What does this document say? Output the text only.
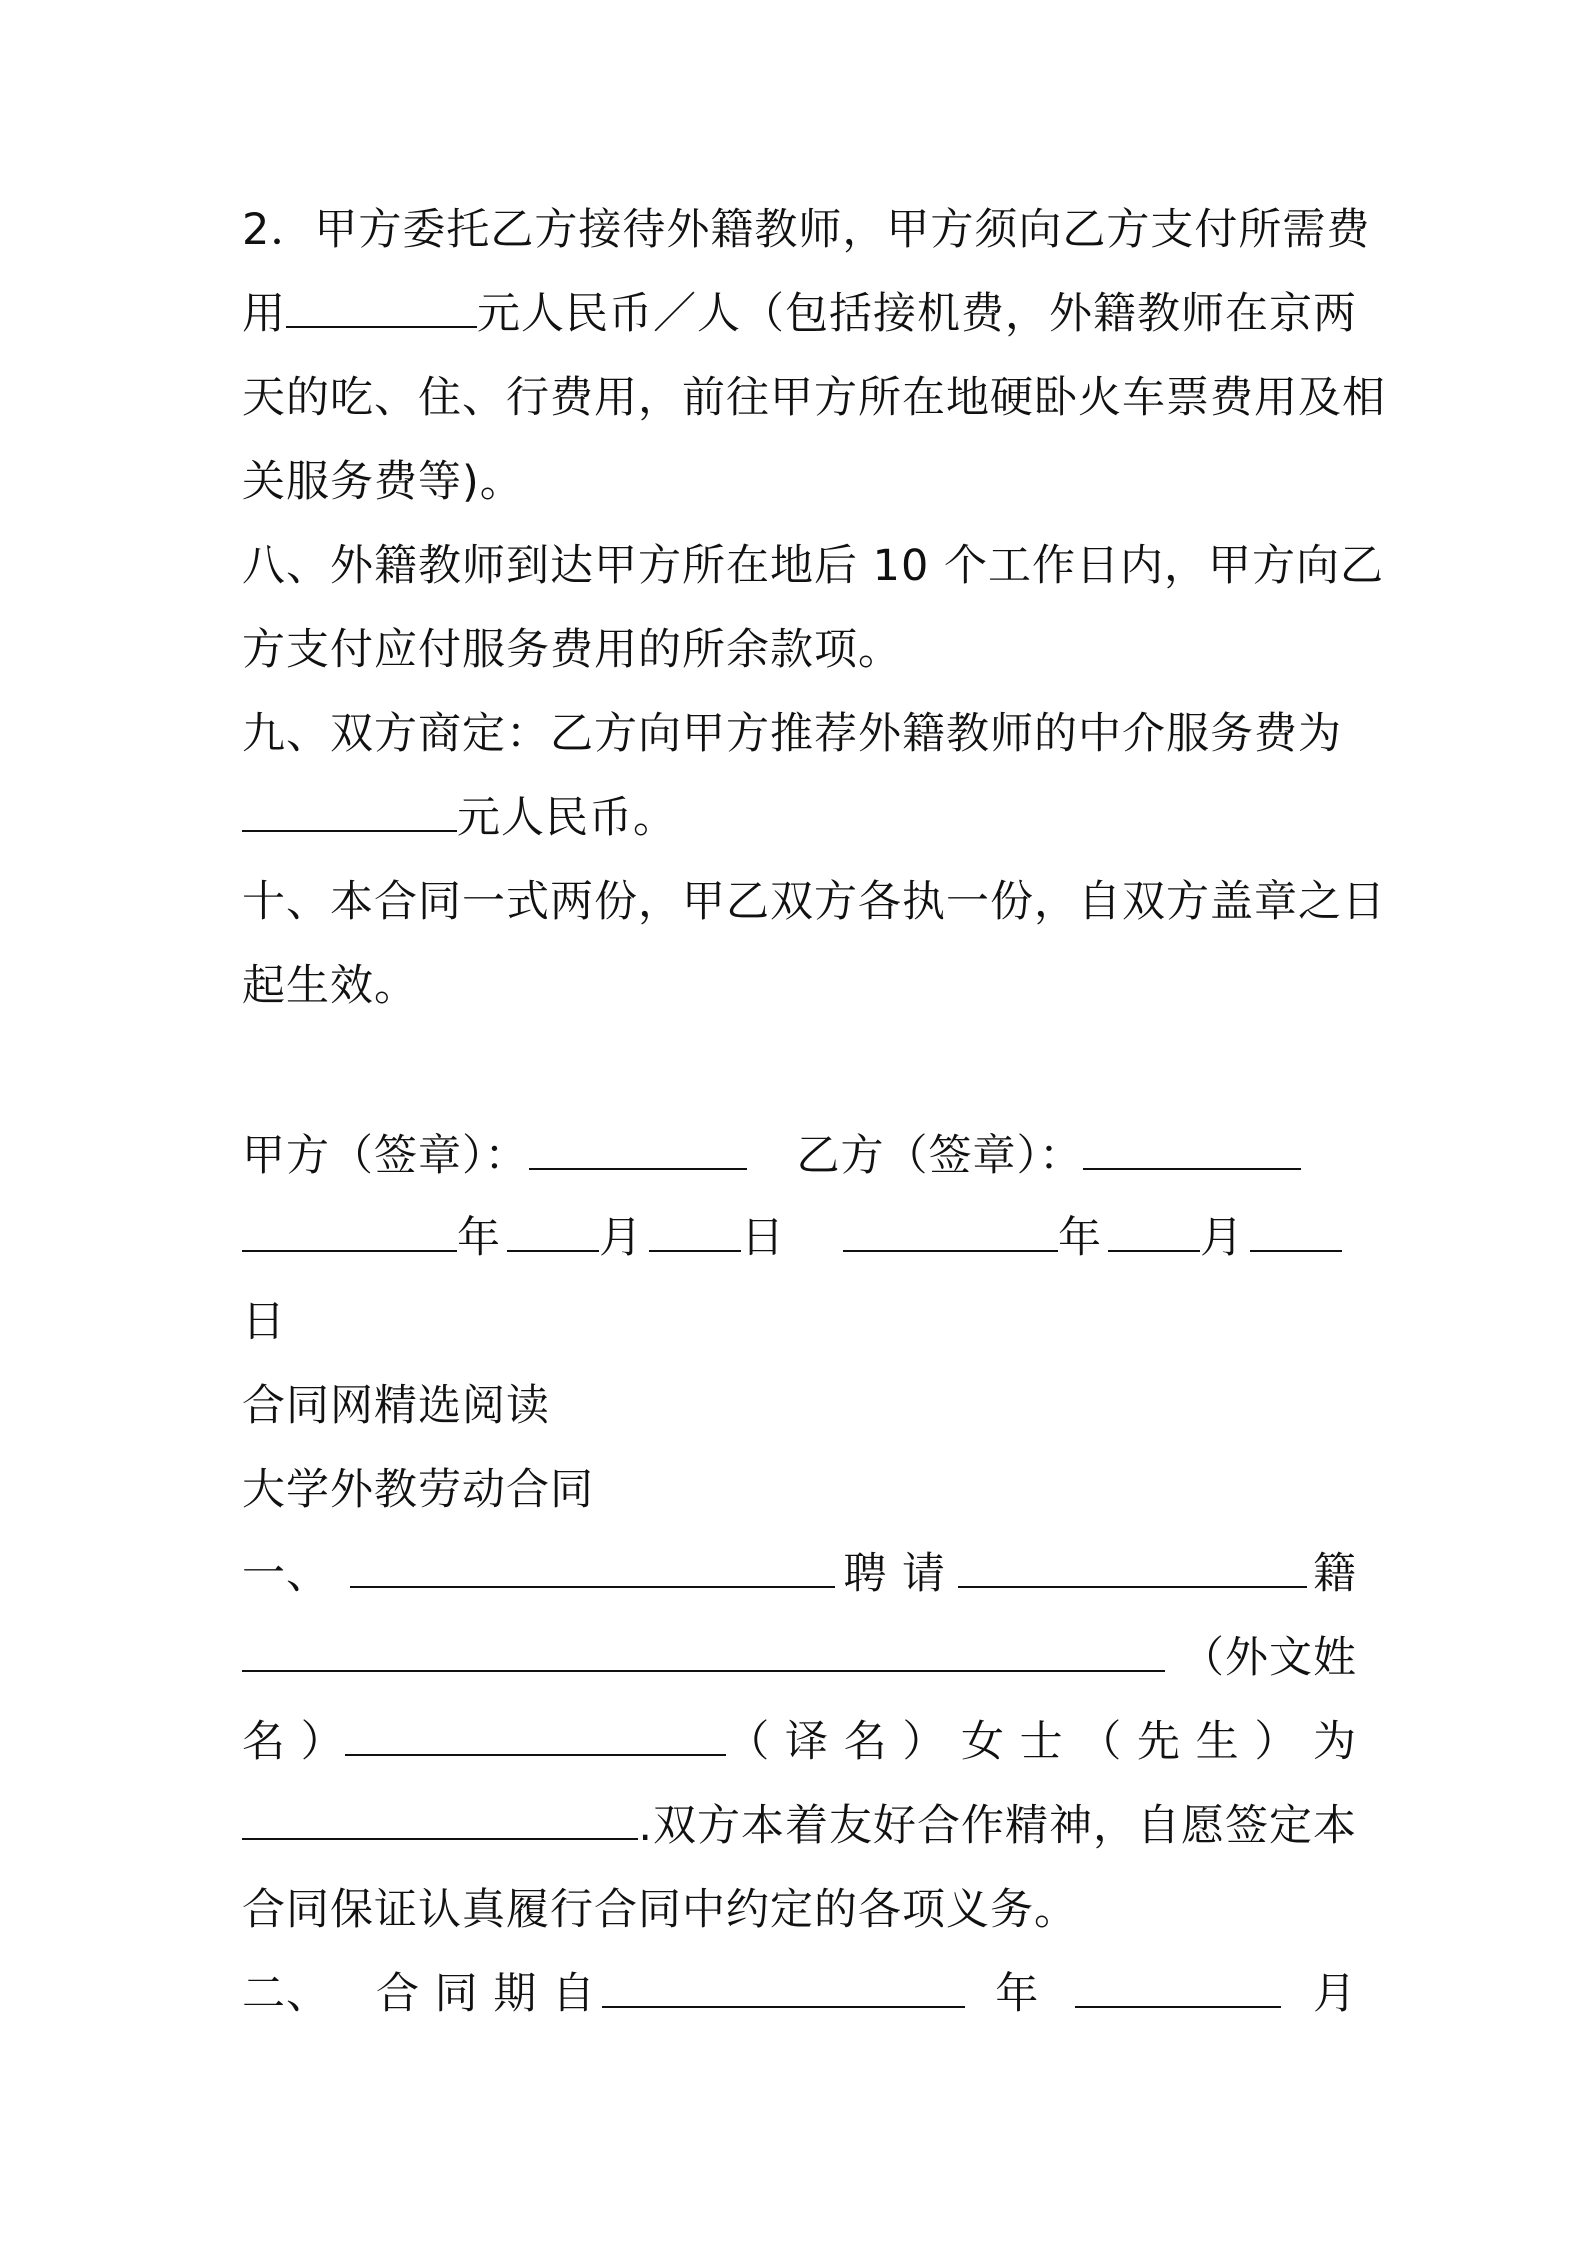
2．甲方委托乙方接待外籍教师，甲方须向乙方支付所需费
用	元人民币／人（包括接机费，外籍教师在京两
天的吃、住、行费用，前往甲方所在地硬卧火车票费用及相
关服务费等)。
八、外籍教师到达甲方所在地后 10 个工作日内，甲方向乙
方支付应付服务费用的所余款项。
九、双方商定：乙方向甲方推荐外籍教师的中介服务费为
元人民币。
十、本合同一式两份，甲乙双方各执一份，自双方盖章之日
起生效。
甲方（签章）：	乙方（签章）：
年 月 日	年 月
日
合同网精选阅读
大学外教劳动合同
一、	聘 请	籍
（外文姓
名 ）	（ 译 名 ） 女 士 （ 先 生 ） 为
.双方本着友好合作精神，自愿签定本
合同保证认真履行合同中约定的各项义务。
二、 合 同 期 自	年	月
